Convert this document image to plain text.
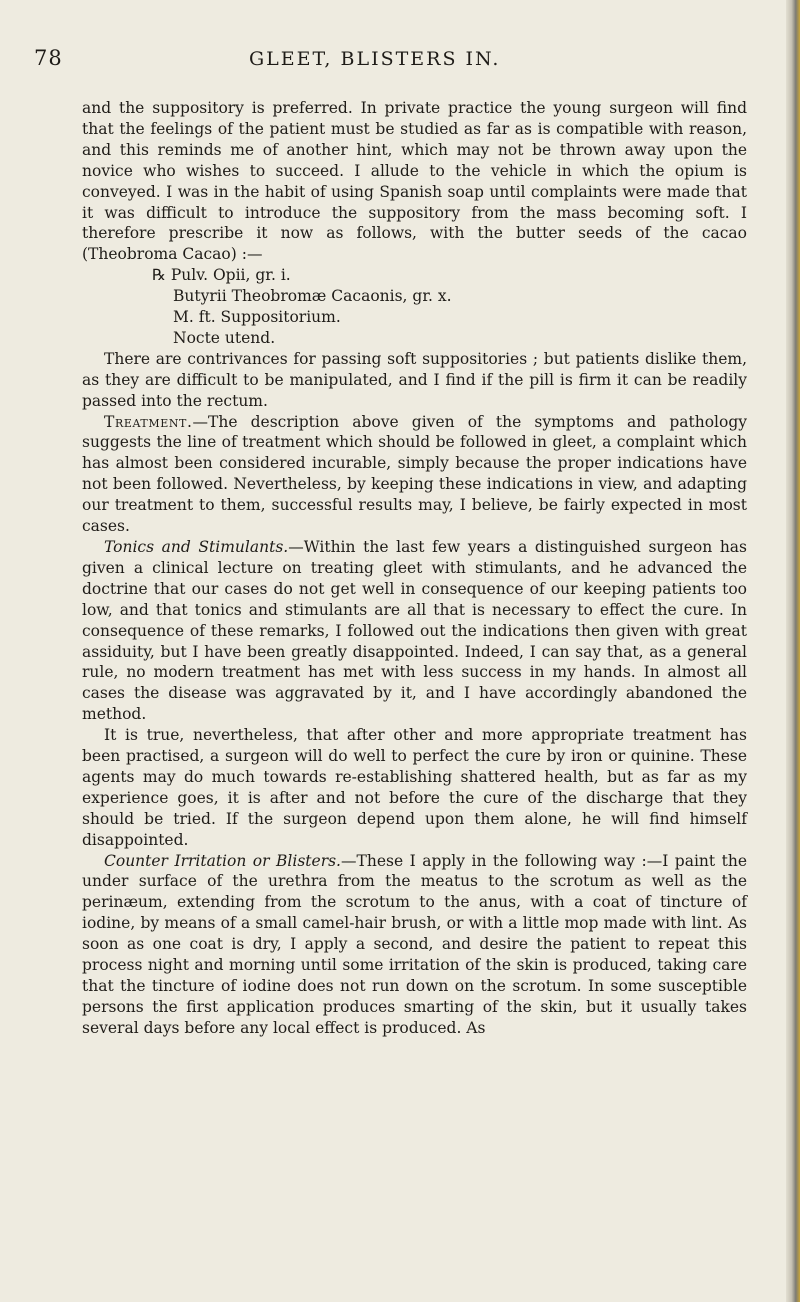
78	GLEET, BLISTERS IN.

and the suppository is preferred. In private practice the young surgeon will find that the feelings of the patient must be studied as far as is compatible with reason, and this reminds me of another hint, which may not be thrown away upon the novice who wishes to succeed. I allude to the vehicle in which the opium is conveyed. I was in the habit of using Spanish soap until complaints were made that it was difficult to introduce the suppository from the mass becoming soft. I therefore prescribe it now as follows, with the butter seeds of the cacao (Theobroma Cacao) :—

℞ Pulv. Opii, gr. i.
Butyrii Theobromæ Cacaonis, gr. x.
M. ft. Suppositorium.
Nocte utend.

There are contrivances for passing soft suppositories ; but patients dislike them, as they are difficult to be manipulated, and I find if the pill is firm it can be readily passed into the rectum.

Treatment.—The description above given of the symptoms and pathology suggests the line of treatment which should be followed in gleet, a complaint which has almost been considered incurable, simply because the proper indications have not been followed. Nevertheless, by keeping these indications in view, and adapting our treatment to them, successful results may, I believe, be fairly expected in most cases.

Tonics and Stimulants.—Within the last few years a distinguished surgeon has given a clinical lecture on treating gleet with stimulants, and he advanced the doctrine that our cases do not get well in consequence of our keeping patients too low, and that tonics and stimulants are all that is necessary to effect the cure. In consequence of these remarks, I followed out the indications then given with great assiduity, but I have been greatly disappointed. Indeed, I can say that, as a general rule, no modern treatment has met with less success in my hands. In almost all cases the disease was aggravated by it, and I have accordingly abandoned the method.

It is true, nevertheless, that after other and more appropriate treatment has been practised, a surgeon will do well to perfect the cure by iron or quinine. These agents may do much towards re-establishing shattered health, but as far as my experience goes, it is after and not before the cure of the discharge that they should be tried. If the surgeon depend upon them alone, he will find himself disappointed.

Counter Irritation or Blisters.—These I apply in the following way :—I paint the under surface of the urethra from the meatus to the scrotum as well as the perinæum, extending from the scrotum to the anus, with a coat of tincture of iodine, by means of a small camel-hair brush, or with a little mop made with lint. As soon as one coat is dry, I apply a second, and desire the patient to repeat this process night and morning until some irritation of the skin is produced, taking care that the tincture of iodine does not run down on the scrotum. In some susceptible persons the first application produces smarting of the skin, but it usually takes several days before any local effect is produced. As
